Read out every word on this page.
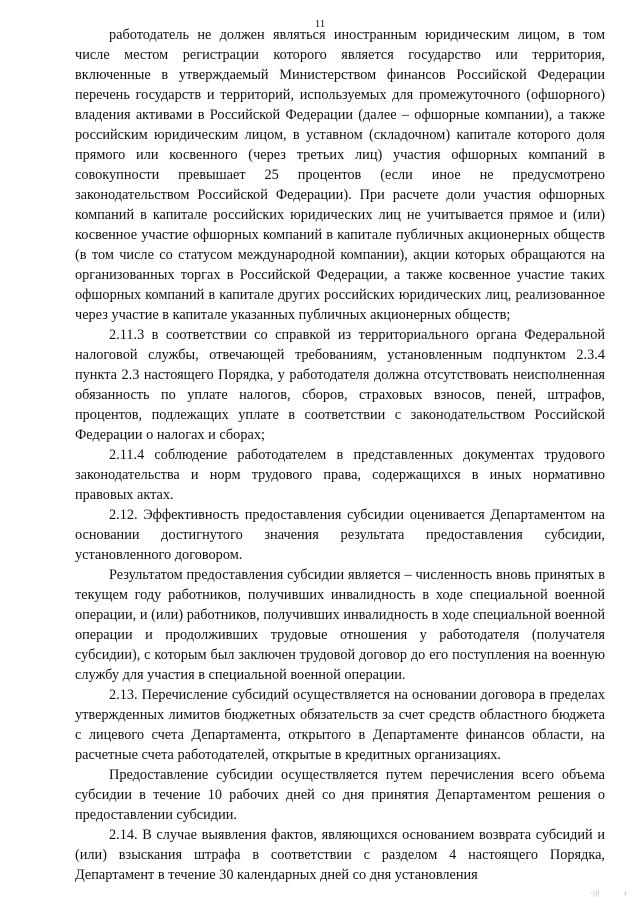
11

работодатель не должен являться иностранным юридическим лицом, в том числе местом регистрации которого является государство или территория, включенные в утверждаемый Министерством финансов Российской Федерации перечень государств и территорий, используемых для промежуточного (офшорного) владения активами в Российской Федерации (далее – офшорные компании), а также российским юридическим лицом, в уставном (складочном) капитале которого доля прямого или косвенного (через третьих лиц) участия офшорных компаний в совокупности превышает 25 процентов (если иное не предусмотрено законодательством Российской Федерации). При расчете доли участия офшорных компаний в капитале российских юридических лиц не учитывается прямое и (или) косвенное участие офшорных компаний в капитале публичных акционерных обществ (в том числе со статусом международной компании), акции которых обращаются на организованных торгах в Российской Федерации, а также косвенное участие таких офшорных компаний в капитале других российских юридических лиц, реализованное через участие в капитале указанных публичных акционерных обществ;

2.11.3 в соответствии со справкой из территориального органа Федеральной налоговой службы, отвечающей требованиям, установленным подпунктом 2.3.4 пункта 2.3 настоящего Порядка, у работодателя должна отсутствовать неисполненная обязанность по уплате налогов, сборов, страховых взносов, пеней, штрафов, процентов, подлежащих уплате в соответствии с законодательством Российской Федерации о налогах и сборах;

2.11.4 соблюдение работодателем в представленных документах трудового законодательства и норм трудового права, содержащихся в иных нормативно правовых актах.

2.12. Эффективность предоставления субсидии оценивается Департаментом на основании достигнутого значения результата предоставления субсидии, установленного договором.

Результатом предоставления субсидии является – численность вновь принятых в текущем году работников, получивших инвалидность в ходе специальной военной операции, и (или) работников, получивших инвалидность в ходе специальной военной операции и продолживших трудовые отношения у работодателя (получателя субсидии), с которым был заключен трудовой договор до его поступления на военную службу для участия в специальной военной операции.

2.13. Перечисление субсидий осуществляется на основании договора в пределах утвержденных лимитов бюджетных обязательств за счет средств областного бюджета с лицевого счета Департамента, открытого в Департаменте финансов области, на расчетные счета работодателей, открытые в кредитных организациях.

Предоставление субсидии осуществляется путем перечисления всего объема субсидии в течение 10 рабочих дней со дня принятия Департаментом решения о предоставлении субсидии.

2.14. В случае выявления фактов, являющихся основанием возврата субсидий и (или) взыскания штрафа в соответствии с разделом 4 настоящего Порядка, Департамент в течение 30 календарных дней со дня установления

·|||	ı
